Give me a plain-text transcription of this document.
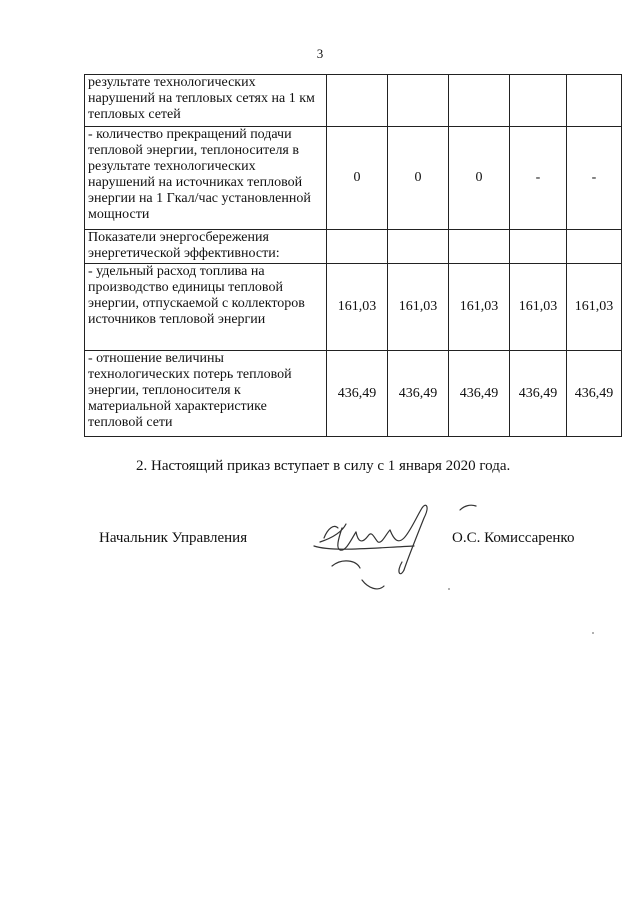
3
результате технологических нарушений на тепловых сетях на 1 км тепловых сетей					
- количество прекращений подачи тепловой энергии, теплоносителя в результате технологических нарушений на источниках тепловой энергии на 1 Гкал/час установленной мощности	0	0	0	-	-
Показатели энергосбережения энергетической эффективности:					
- удельный расход топлива на производство единицы тепловой энергии, отпускаемой с коллекторов источников тепловой энергии	161,03	161,03	161,03	161,03	161,03
- отношение величины технологических потерь тепловой энергии, теплоносителя к материальной характеристике тепловой сети	436,49	436,49	436,49	436,49	436,49
2. Настоящий приказ вступает в силу с 1 января 2020 года.
Начальник Управления	О.С. Комиссаренко
